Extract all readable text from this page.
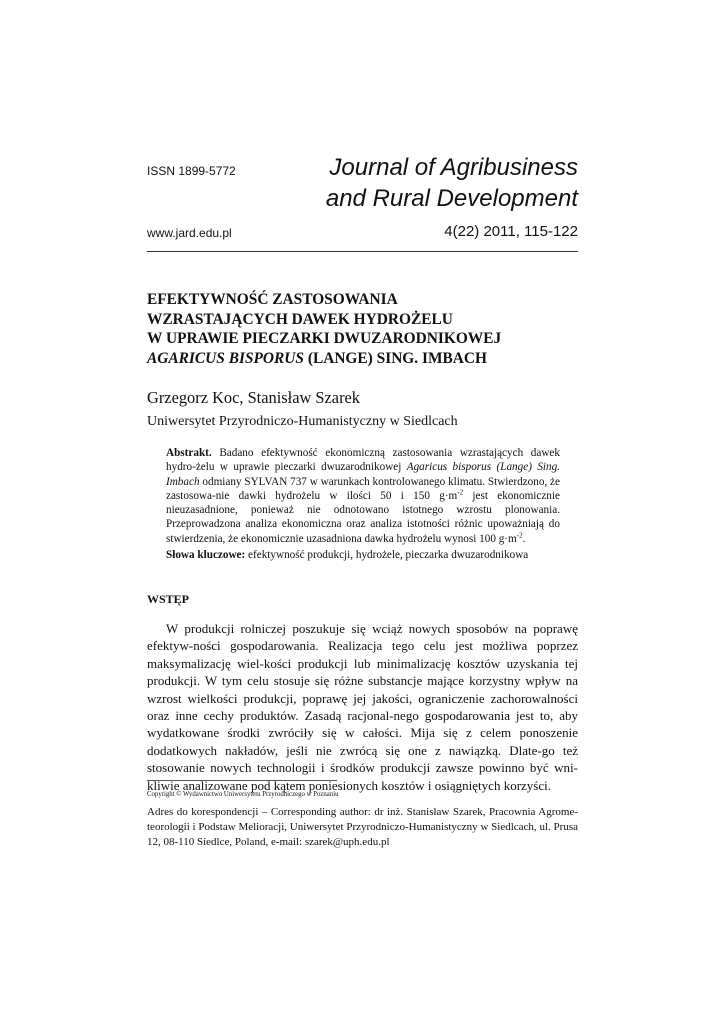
ISSN 1899-5772	Journal of Agribusiness
and Rural Development
www.jard.edu.pl	4(22) 2011, 115-122
EFEKTYWNOŚĆ ZASTOSOWANIA
WZRASTAJĄCYCH DAWEK HYDROŻELU
W UPRAWIE PIECZARKI DWUZARODNIKOWEJ
AGARICUS BISPORUS (LANGE) SING. IMBACH
Grzegorz Koc, Stanisław Szarek
Uniwersytet Przyrodniczo-Humanistyczny w Siedlcach
Abstrakt. Badano efektywność ekonomiczną zastosowania wzrastających dawek hydro-żelu w uprawie pieczarki dwuzarodnikowej Agaricus bisporus (Lange) Sing. Imbach odmiany SYLVAN 737 w warunkach kontrolowanego klimatu. Stwierdzono, że zastosowa-nie dawki hydrożelu w ilości 50 i 150 $g\cdot m^{-2}$ jest ekonomicznie nieuzasadnione, ponieważ nie odnotowano istotnego wzrostu plonowania. Przeprowadzona analiza ekonomiczna oraz analiza istotności różnic upoważniają do stwierdzenia, że ekonomicznie uzasadniona dawka hydrożelu wynosi 100 $g\cdot m^{-2}$.
Słowa kluczowe: efektywność produkcji, hydrożele, pieczarka dwuzarodnikowa
WSTĘP

W produkcji rolniczej poszukuje się wciąż nowych sposobów na poprawę efektyw-ności gospodarowania. Realizacja tego celu jest możliwa poprzez maksymalizację wiel-kości produkcji lub minimalizację kosztów uzyskania tej produkcji. W tym celu stosuje się różne substancje mające korzystny wpływ na wzrost wielkości produkcji, poprawę jej jakości, ograniczenie zachorowalności oraz inne cechy produktów. Zasadą racjonal-nego gospodarowania jest to, aby wydatkowane środki zwróciły się w całości. Mija się z celem ponoszenie dodatkowych nakładów, jeśli nie zwrócą się one z nawiązką. Dlate-go też stosowanie nowych technologii i środków produkcji zawsze powinno być wni-kliwie analizowane pod kątem poniesionych kosztów i osiągniętych korzyści.

Copyright © Wydawnictwo Uniwersytetu Przyrodniczego w Poznaniu
Adres do korespondencji – Corresponding author: dr inż. Stanisław Szarek, Pracownia Agrome-teorologii i Podstaw Melioracji, Uniwersytet Przyrodniczo-Humanistyczny w Siedlcach, ul. Prusa 12, 08-110 Siedlce, Poland, e-mail: szarek@uph.edu.pl
